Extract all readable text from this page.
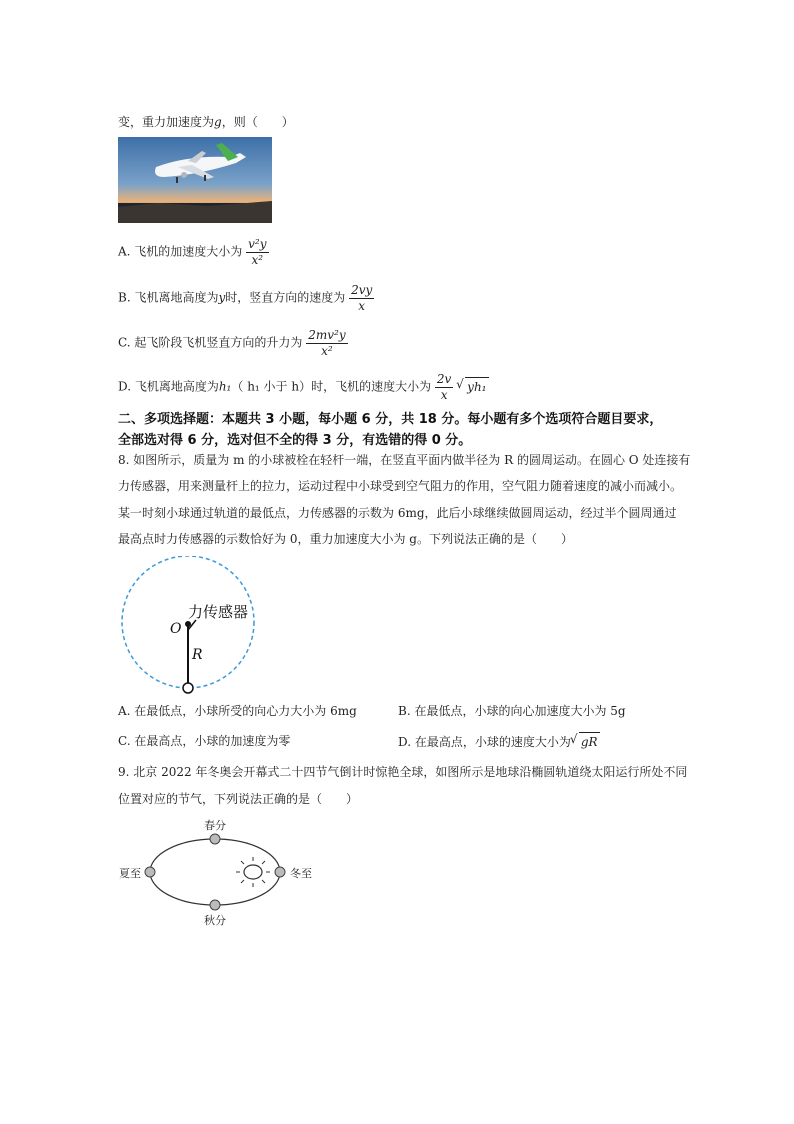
变，重力加速度为g，则（　　）
A. 飞机的加速度大小为 $\frac{\text{v²y}}{\text{x²}}$
B. 飞机离地高度为y时，竖直方向的速度为 $\frac{2vy}{x}$
C. 起飞阶段飞机竖直方向的升力为 $\frac{\text{2mv²y}}{\text{x²}}$
D. 飞机离地高度为h₁（ h₁ 小于 h）时，飞机的速度大小为 $\frac{2v}{x}$ √ yh₁
二、多项选择题：本题共 3 小题，每小题 6 分，共 18 分。每小题有多个选项符合题目要求，
全部选对得 6 分，选对但不全的得 3 分，有选错的得 0 分。
8. 如图所示，质量为 m 的小球被栓在轻杆一端，在竖直平面内做半径为 R 的圆周运动。在圆心 O 处连接有
力传感器，用来测量杆上的拉力，运动过程中小球受到空气阻力的作用，空气阻力随着速度的减小而减小。
某一时刻小球通过轨道的最低点，力传感器的示数为 6mg，此后小球继续做圆周运动，经过半个圆周通过
最高点时力传感器的示数恰好为 0，重力加速度大小为 g。下列说法正确的是（　　）
力传感器
O
R
A. 在最低点，小球所受的向心力大小为 6mg	B. 在最低点，小球的向心加速度大小为 5g
C. 在最高点，小球的加速度为零	D. 在最高点，小球的速度大小为 √ gR
9. 北京 2022 年冬奥会开幕式二十四节气倒计时惊艳全球，如图所示是地球沿椭圆轨道绕太阳运行所处不同
位置对应的节气，下列说法正确的是（　　）
春分
夏至	冬至
秋分
